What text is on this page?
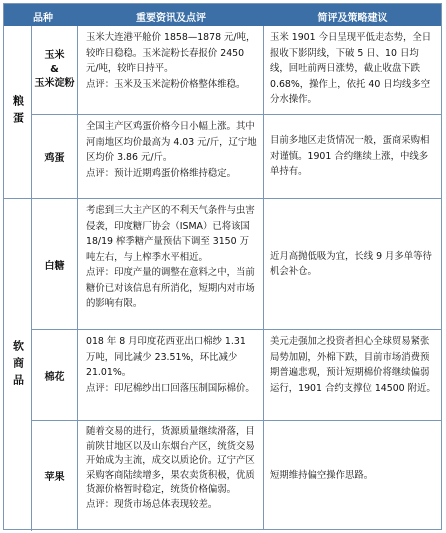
品种	重要资讯及点评	简评及策略建议
粮蛋
玉米
&
玉米淀粉
玉米大连港平舱价 1858—1878 元/吨，较昨日稳稳。玉米淀粉长春报价 2450 元/吨，较昨日持平。
点评：玉米及玉米淀粉价格整体维稳。
玉米 1901 今日呈现平低走态势，全日报收下影阴线，下破 5 日、10 日均线，回吐前两日涨势，截止收盘下跌 0.68%，操作上，依托 40 日均线多空分水操作。
鸡蛋
全国主产区鸡蛋价格今日小幅上涨。其中河南地区均价最高为 4.03 元/斤，辽宁地区均价 3.86 元/斤。
点评：预计近期鸡蛋价格维持稳定。

目前多地区走货情况一般，蛋商采购相对谨慎。1901 合约继续上涨，中线多单持有。

软商品
白糖
考虑到三大主产区的不利天气条件与虫害侵袭，印度糖厂协会（ISMA）已将该国 18/19 榨季糖产量预估下调至 3150 万吨左右，与上榨季水平相近。
点评：印度产量的调整在意料之中，当前糖价已对该信息有所消化，短期内对市场的影响有限。

近月高抛低吸为宜，长线 9 月多单等待机会补仓。

棉花
018 年 8 月印度花西亚出口棉纱 1.31 万吨，同比减少 23.51%，环比减少 21.01%。
点评：印尼棉纱出口回落压制国际棉价。
美元走强加之投资者担心全球贸易紧张局势加剧，外棉下跌，目前市场消费预期普遍悲观，预计短期棉价将继续偏弱运行，1901 合约支撑位 14500 附近。
苹果
随着交易的进行，货源质量继续滑落，目前陕甘地区以及山东烟台产区，统货交易开始成为主流，成交以质论价。辽宁产区采购客商陆续增多，果农卖货积极，优质货源价格暂时稳定，统货价格偏弱。
点评：现货市场总体表现较差。

短期维持偏空操作思路。
